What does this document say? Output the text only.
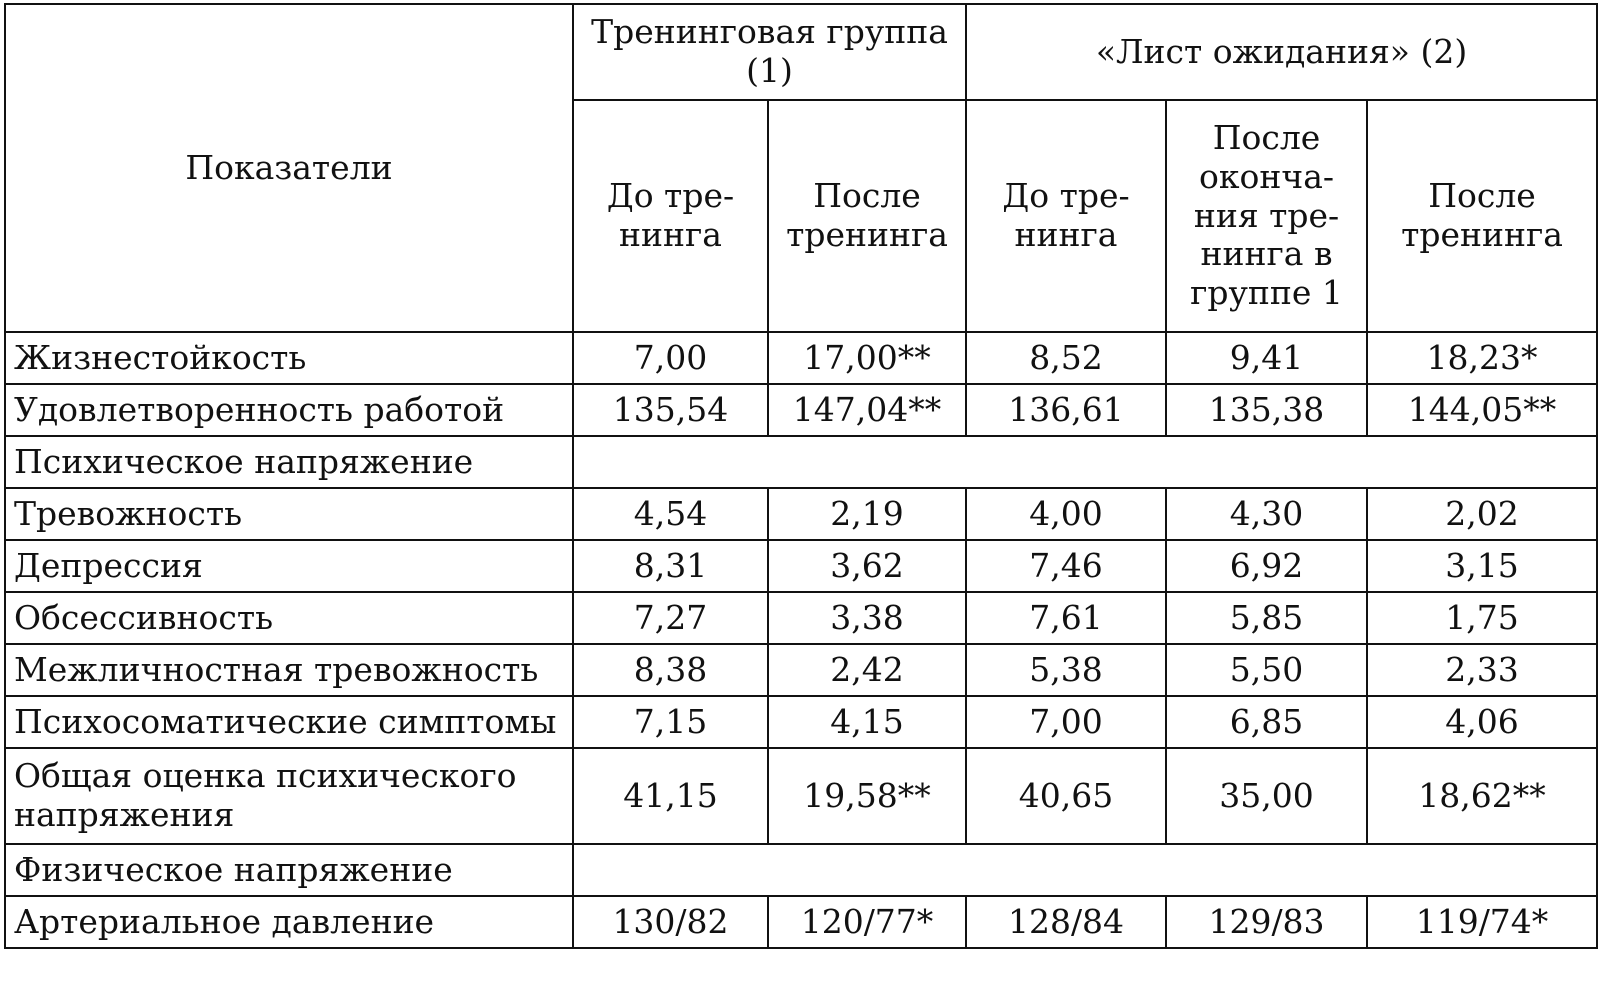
Показатели	Тренинговая группа (1)		«Лист ожидания» (2)		
	До тре-нинга	После тренинга	До тре-нинга	После оконча-ния тре-нинга в группе 1	После тренинга
Жизнестойкость	7,00	17,00**	8,52	9,41	18,23*
Удовлетворенность работой	135,54	147,04**	136,61	135,38	144,05**
Психическое напряжение					
Тревожность	4,54	2,19	4,00	4,30	2,02
Депрессия	8,31	3,62	7,46	6,92	3,15
Обсессивность	7,27	3,38	7,61	5,85	1,75
Межличностная тревожность	8,38	2,42	5,38	5,50	2,33
Психосоматические симптомы	7,15	4,15	7,00	6,85	4,06
Общая оценка психического напряжения	41,15	19,58**	40,65	35,00	18,62**
Физическое напряжение					
Артериальное давление	130/82	120/77*	128/84	129/83	119/74*
